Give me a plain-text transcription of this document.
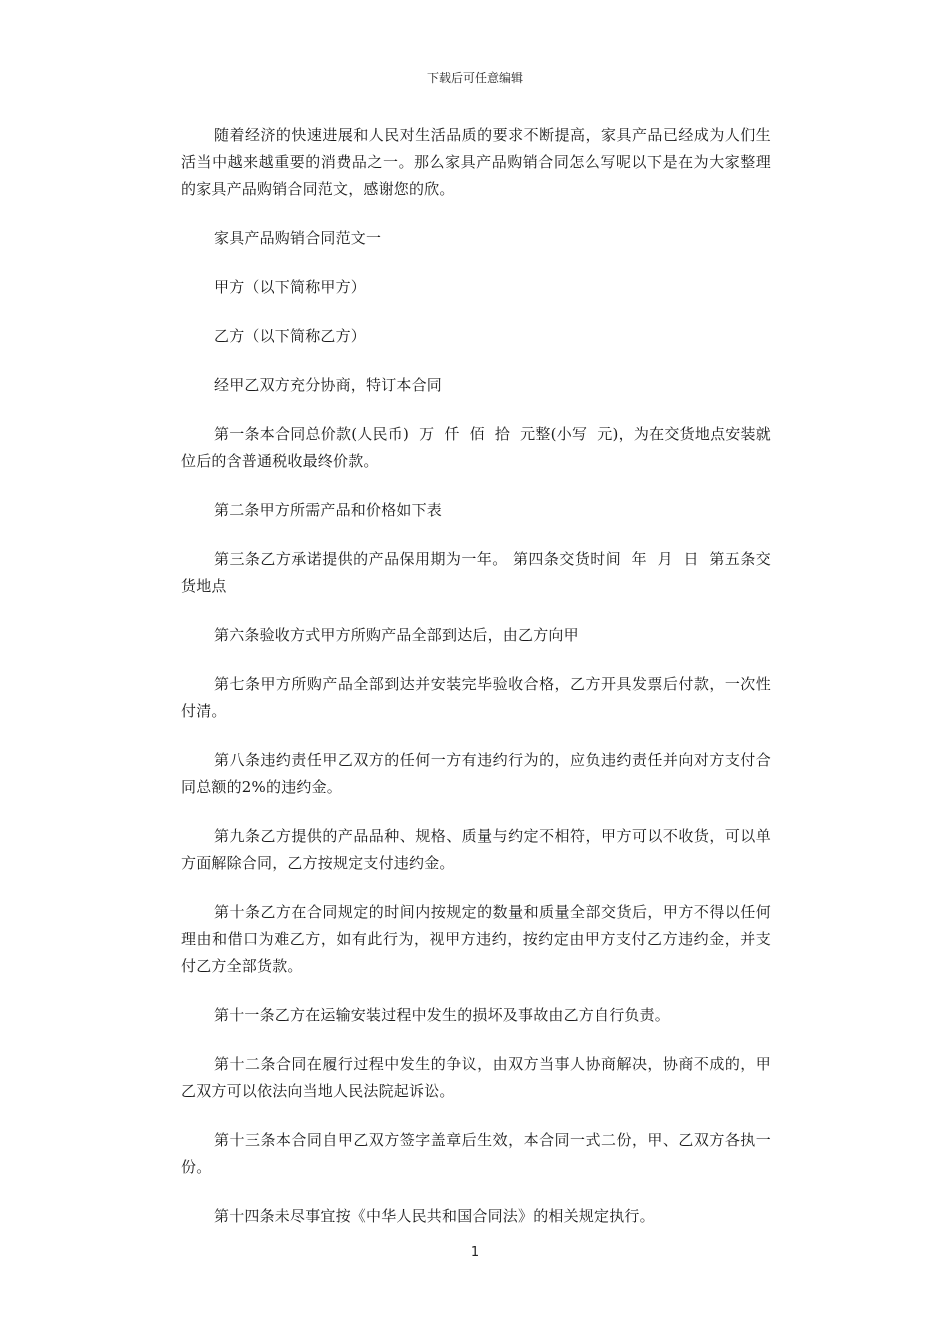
下载后可任意编辑

随着经济的快速进展和人民对生活品质的要求不断提高，家具产品已经成为人们生活当中越来越重要的消费品之一。那么家具产品购销合同怎么写呢以下是在为大家整理的家具产品购销合同范文，感谢您的欣。

家具产品购销合同范文一

甲方（以下简称甲方）

乙方（以下简称乙方）

经甲乙双方充分协商，特订本合同

第一条本合同总价款(人民币)  万  仟  佰  拾  元整(小写  元)，为在交货地点安装就位后的含普通税收最终价款。

第二条甲方所需产品和价格如下表

第三条乙方承诺提供的产品保用期为一年。 第四条交货时间  年  月  日  第五条交货地点

第六条验收方式甲方所购产品全部到达后，由乙方向甲

第七条甲方所购产品全部到达并安装完毕验收合格，乙方开具发票后付款，一次性付清。

第八条违约责任甲乙双方的任何一方有违约行为的，应负违约责任并向对方支付合同总额的2%的违约金。

第九条乙方提供的产品品种、规格、质量与约定不相符，甲方可以不收货，可以单方面解除合同，乙方按规定支付违约金。

第十条乙方在合同规定的时间内按规定的数量和质量全部交货后，甲方不得以任何理由和借口为难乙方，如有此行为，视甲方违约，按约定由甲方支付乙方违约金，并支付乙方全部货款。

第十一条乙方在运输安装过程中发生的损坏及事故由乙方自行负责。

第十二条合同在履行过程中发生的争议，由双方当事人协商解决，协商不成的，甲乙双方可以依法向当地人民法院起诉讼。

第十三条本合同自甲乙双方签字盖章后生效，本合同一式二份，甲、乙双方各执一份。

第十四条未尽事宜按《中华人民共和国合同法》的相关规定执行。

1
